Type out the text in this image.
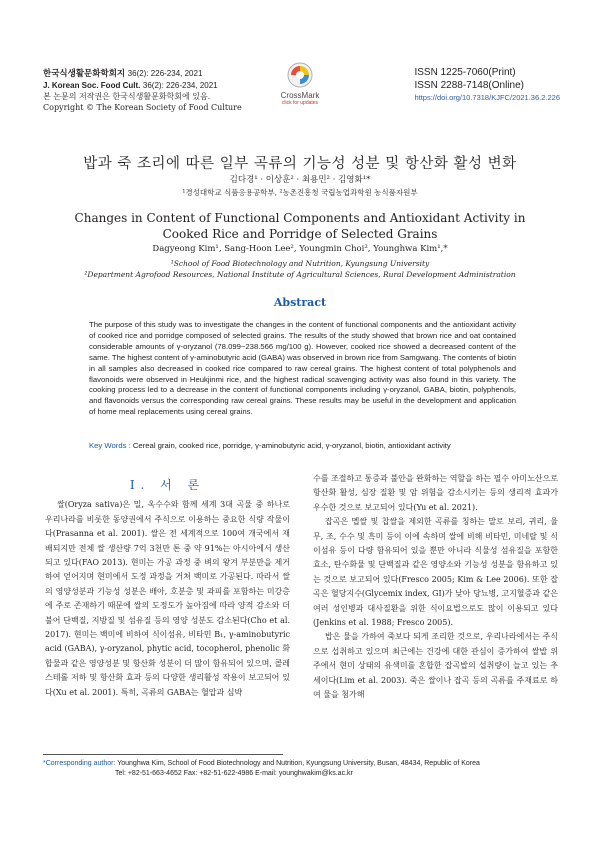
한국식생활문화학회지 36(2): 226-234, 2021
J. Korean Soc. Food Cult. 36(2): 226-234, 2021
본 논문의 저작권은 한국식생활문화학회에 있음.
Copyright © The Korean Society of Food Culture
CrossMark
click for updates
ISSN 1225-7060(Print)
ISSN 2288-7148(Online)
https://doi.org/10.7318/KJFC/2021.36.2.226
밥과 죽 조리에 따른 일부 곡류의 기능성 성분 및 항산화 활성 변화
김다경¹ · 이상훈² · 최용민² · 김영화¹*
¹경성대학교 식품응용공학부, ²농촌진흥청 국립농업과학원 농식품자원부
Changes in Content of Functional Components and Antioxidant Activity in
Cooked Rice and Porridge of Selected Grains
Dagyeong Kim¹, Sang-Hoon Lee², Youngmin Choi², Younghwa Kim¹,*
¹School of Food Biotechnology and Nutrition, Kyungsung University
²Department Agrofood Resources, National Institute of Agricultural Sciences, Rural Development Administration
Abstract
The purpose of this study was to investigate the changes in the content of functional components and the antioxidant activity of cooked rice and porridge composed of selected grains. The results of the study showed that brown rice and oat contained considerable amounts of γ-oryzanol (78.099~238.566 mg/100 g). However, cooked rice showed a decreased content of the same. The highest content of γ-aminobutyric acid (GABA) was observed in brown rice from Samgwang. The contents of biotin in all samples also decreased in cooked rice compared to raw cereal grains. The highest content of total polyphenols and flavonoids were observed in Heukjinmi rice, and the highest radical scavenging activity was also found in this variety. The cooking process led to a decrease in the content of functional components including γ-oryzanol, GABA, biotin, polyphenols, and flavonoids versus the corresponding raw cereal grains. These results may be useful in the development and application of home meal replacements using cereal grains.
Key Words : Cereal grain, cooked rice, porridge, γ-aminobutyric acid, γ-oryzanol, biotin, antioxidant activity
Ⅰ. 서 론

쌀(Oryza sativa)은 밀, 옥수수와 함께 세계 3대 곡물 중 하나로 우리나라를 비롯한 동양권에서 주식으로 이용하는 중요한 식량 작물이다(Prasanna et al. 2001). 쌀은 전 세계적으로 100여 개국에서 재배되지만 전체 쌀 생산량 7억 3천만 톤 중 약 91%는 아시아에서 생산되고 있다(FAO 2013). 현미는 가공 과정 중 벼의 왕겨 부분만을 제거하여 얻어지며 현미에서 도정 과정을 거쳐 백미로 가공된다. 따라서 쌀의 영양성분과 기능성 성분은 배아, 호분층 및 과피를 포함하는 미강층에 주로 존재하기 때문에 쌀의 도정도가 높아짐에 따라 양적 감소와 더불어 단백질, 지방질 및 섬유질 등의 영양 성분도 감소된다(Cho et al. 2017). 현미는 백미에 비하여 식이섬유, 비타민 B₁, γ-aminobutyric acid (GABA), γ-oryzanol, phytic acid, tocopherol, phenolic 화합물과 같은 영양성분 및 항산화 성분이 더 많이 함유되어 있으며, 콜레스테롤 저하 및 항산화 효과 등의 다양한 생리활성 작용이 보고되어 있다(Xu et al. 2001). 특히, 곡류의 GABA는 혈압과 심박

수를 조절하고 통증과 불안을 완화하는 역할을 하는 필수 아미노산으로 항산화 활성, 심장 질환 및 암 위험을 감소시키는 등의 생리적 효과가 우수한 것으로 보고되어 있다(Yu et al. 2021).

잡곡은 멥쌀 및 찹쌀을 제외한 곡류를 칭하는 말로 보리, 귀리, 율무, 조, 수수 및 흑미 등이 이에 속하며 쌀에 비해 비타민, 미네랄 및 식이섬유 등이 다량 함유되어 있을 뿐만 아니라 식물성 섬유질을 포함한 효소, 탄수화물 및 단백질과 같은 영양소와 기능성 성분을 함유하고 있는 것으로 보고되어 있다(Fresco 2005; Kim & Lee 2006). 또한 잡곡은 혈당지수(Glycemix index, GI)가 낮아 당뇨병, 고지혈증과 같은 여러 성인병과 대사질환을 위한 식이요법으로도 많이 이용되고 있다(Jenkins et al. 1988; Fresco 2005).

밥은 물을 가하여 죽보다 되게 조리한 것으로, 우리나라에서는 주식으로 섭취하고 있으며 최근에는 건강에 대한 관심이 증가하여 쌀밥 위주에서 현미 상태의 유색미를 혼합한 잡곡밥의 섭취량이 늘고 있는 추세이다(Lim et al. 2003). 죽은 쌀이나 잡곡 등의 곡류를 주재료로 하여 물을 첨가해

*Corresponding author: Younghwa Kim, School of Food Biotechnology and Nutrition, Kyungsung University, Busan, 48434, Republic of Korea
Tel: +82-51-663-4652 Fax: +82-51-622-4986 E-mail: younghwakim@ks.ac.kr
